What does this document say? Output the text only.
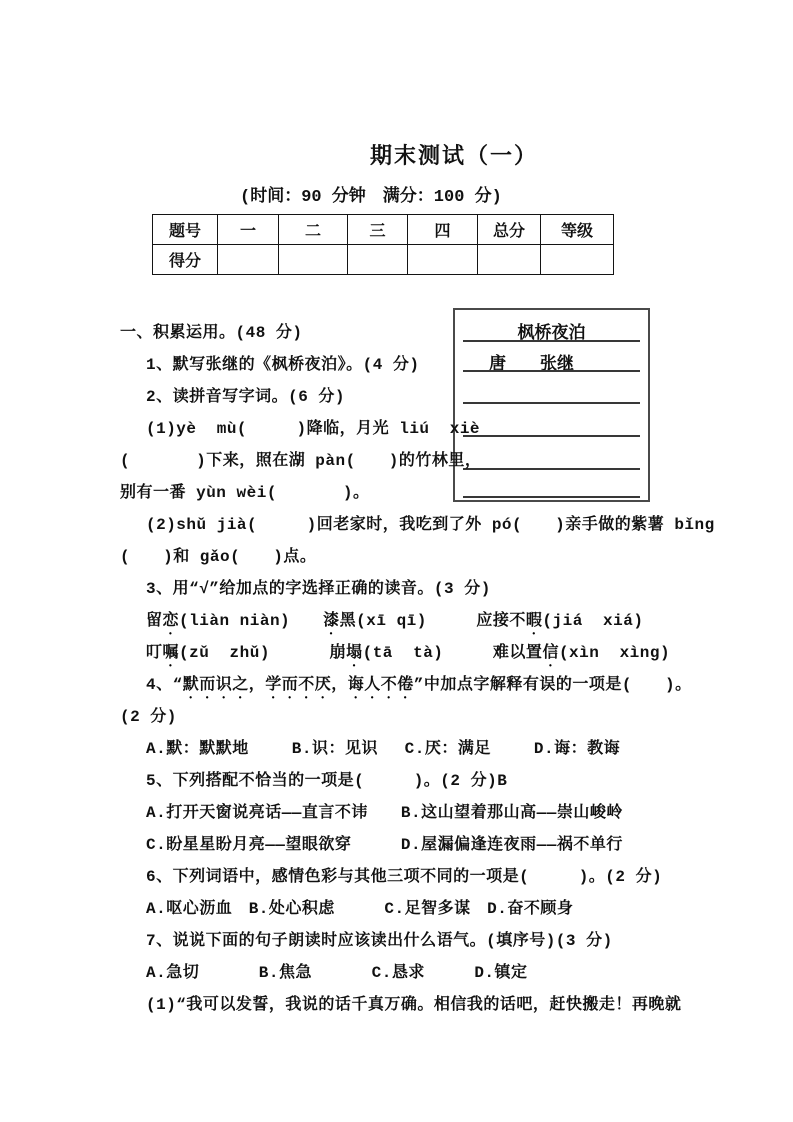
期末测试（一）
(时间：90 分钟　满分：100 分)
题号	一	二	三	四	总分	等级
得分						
枫桥夜泊
唐　　张继
一、积累运用。(48 分)
1、默写张继的《枫桥夜泊》。(4 分)
2、读拼音写字词。(6 分)
(1)yè  mù(　　　)降临，月光 liú  xiè
(　　　　)下来，照在湖 pàn(　　)的竹林里，
别有一番 yùn wèi(　　　　)。
(2)shǔ jià(　　　)回老家时，我吃到了外 pó(　　)亲手做的紫薯 bǐng
(　　)和 gǎo(　　)点。
3、用“√”给加点的字选择正确的读音。(3 分)
留恋(liàn niàn)　　漆黑(xī qī)　　　应接不暇(jiá  xiá)
叮嘱(zǔ  zhǔ)　　　 崩塌(tā  tà)　　　难以置信(xìn  xìng)
4、“默而识之，学而不厌，诲人不倦”中加点字解释有误的一项是(　　)。
(2 分)
A.默：默默地　　 B.识：见识　 C.厌：满足　　 D.诲：教诲
5、下列搭配不恰当的一项是(　　　)。(2 分)B
A.打开天窗说亮话——直言不讳　　B.这山望着那山高——崇山峻岭
C.盼星星盼月亮——望眼欲穿　　　D.屋漏偏逢连夜雨——祸不单行
6、下列词语中，感情色彩与其他三项不同的一项是(　　　)。(2 分)
A.呕心沥血　B.处心积虑　　　C.足智多谋　D.奋不顾身
7、说说下面的句子朗读时应该读出什么语气。(填序号)(3 分)
A.急切　　　 B.焦急　　　 C.恳求　　　D.镇定
(1)“我可以发誓，我说的话千真万确。相信我的话吧，赶快搬走！再晚就
